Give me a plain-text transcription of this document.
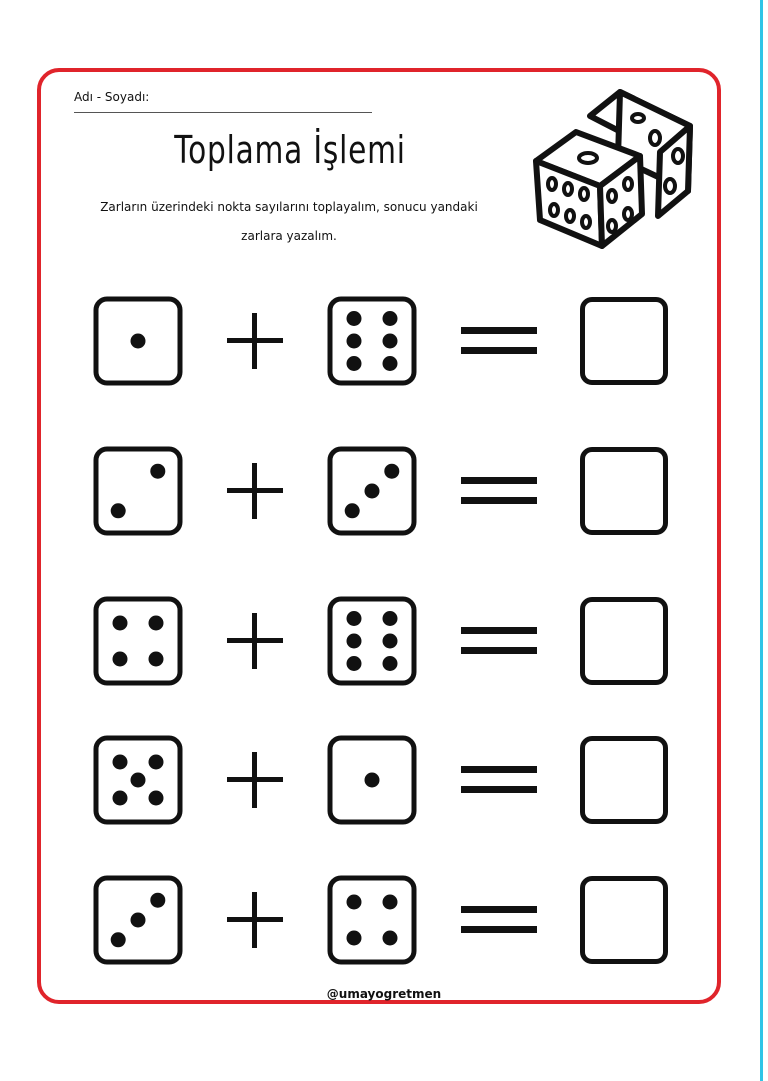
Adı - Soyadı:
Toplama İşlemi
Zarların üzerindeki nokta sayılarını toplayalım, sonucu yandaki
zarlara yazalım.
@umayogretmen
